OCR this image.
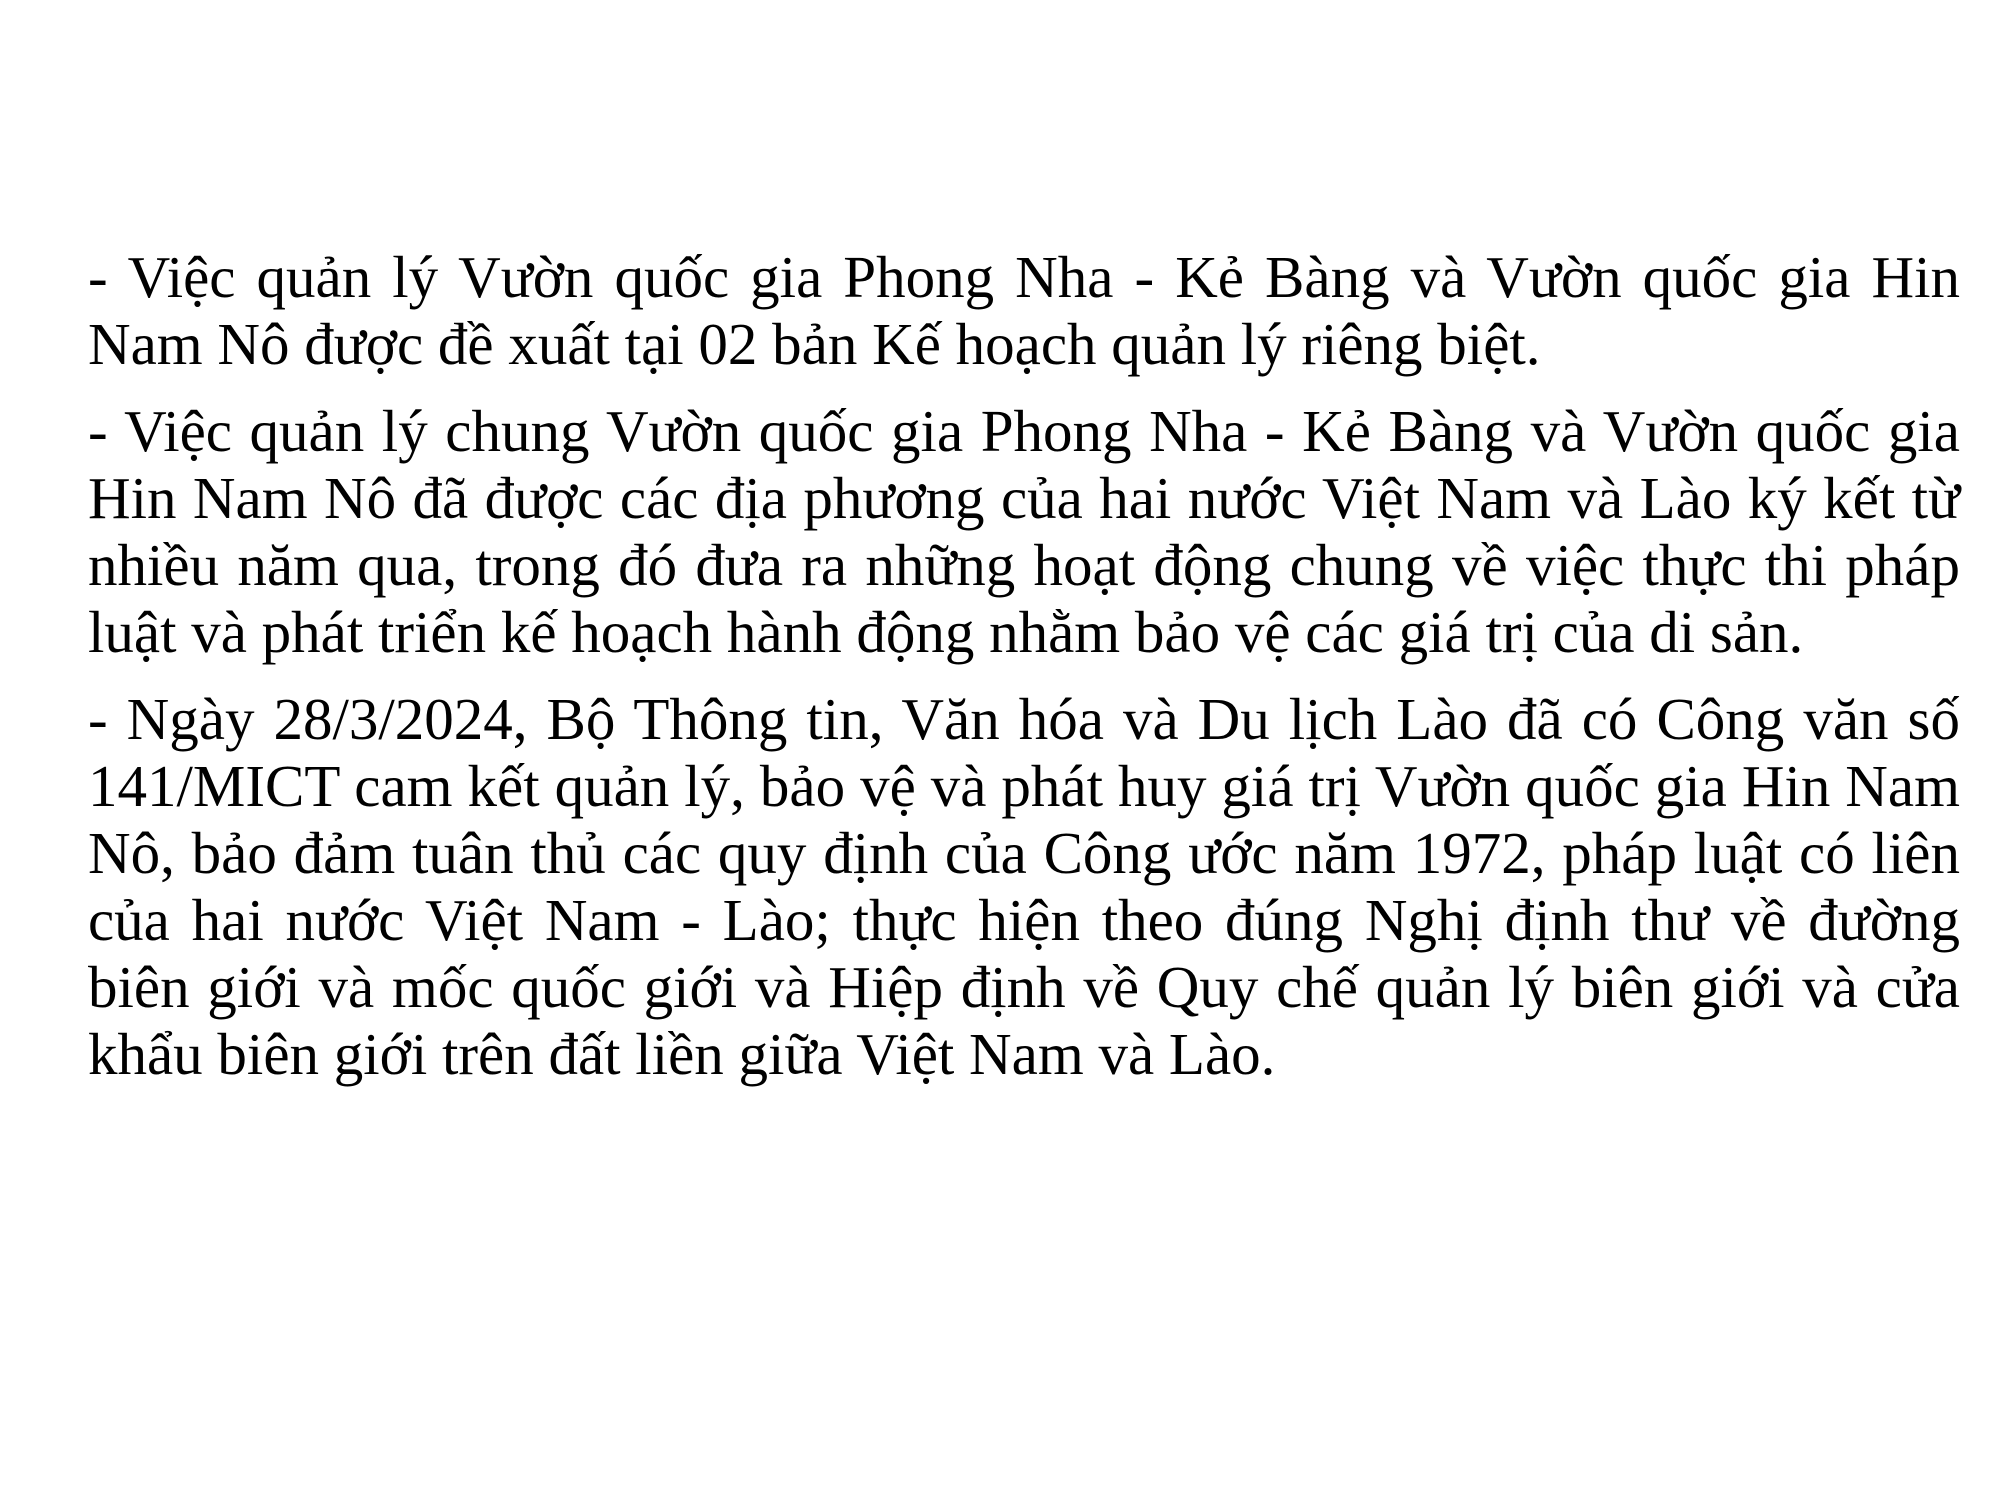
- Việc quản lý Vườn quốc gia Phong Nha - Kẻ Bàng và Vườn quốc gia Hin Nam Nô được đề xuất tại 02 bản Kế hoạch quản lý riêng biệt.

- Việc quản lý chung Vườn quốc gia Phong Nha - Kẻ Bàng và Vườn quốc gia Hin Nam Nô đã được các địa phương của hai nước Việt Nam và Lào ký kết từ nhiều năm qua, trong đó đưa ra những hoạt động chung về việc thực thi pháp luật và phát triển kế hoạch hành động nhằm bảo vệ các giá trị của di sản.

- Ngày 28/3/2024, Bộ Thông tin, Văn hóa và Du lịch Lào đã có Công văn số 141/MICT cam kết quản lý, bảo vệ và phát huy giá trị Vườn quốc gia Hin Nam Nô, bảo đảm tuân thủ các quy định của Công ước năm 1972, pháp luật có liên của hai nước Việt Nam - Lào; thực hiện theo đúng Nghị định thư về đường biên giới và mốc quốc giới và Hiệp định về Quy chế quản lý biên giới và cửa khẩu biên giới trên đất liền giữa Việt Nam và Lào.
